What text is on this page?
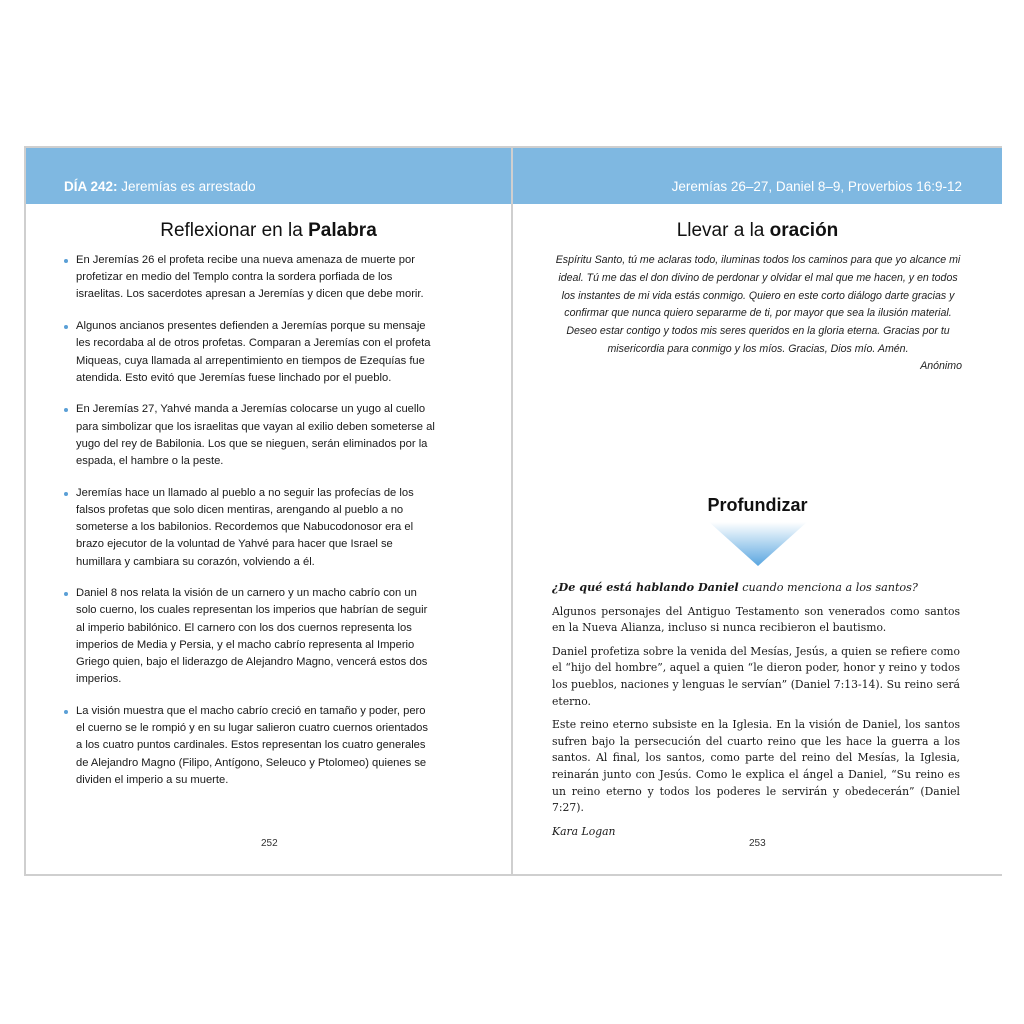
DÍA 242: Jeremías es arrestado
Reflexionar en la Palabra
En Jeremías 26 el profeta recibe una nueva amenaza de muerte por profetizar en medio del Templo contra la sordera porfiada de los israelitas. Los sacerdotes apresan a Jeremías y dicen que debe morir.
Algunos ancianos presentes defienden a Jeremías porque su mensaje les recordaba al de otros profetas. Comparan a Jeremías con el profeta Miqueas, cuya llamada al arrepentimiento en tiempos de Ezequías fue atendida. Esto evitó que Jeremías fuese linchado por el pueblo.
En Jeremías 27, Yahvé manda a Jeremías colocarse un yugo al cuello para simbolizar que los israelitas que vayan al exilio deben someterse al yugo del rey de Babilonia. Los que se nieguen, serán eliminados por la espada, el hambre o la peste.
Jeremías hace un llamado al pueblo a no seguir las profecías de los falsos profetas que solo dicen mentiras, arengando al pueblo a no someterse a los babilonios. Recordemos que Nabucodonosor era el brazo ejecutor de la voluntad de Yahvé para hacer que Israel se humillara y cambiara su corazón, volviendo a él.
Daniel 8 nos relata la visión de un carnero y un macho cabrío con un solo cuerno, los cuales representan los imperios que habrían de seguir al imperio babilónico. El carnero con los dos cuernos representa los imperios de Media y Persia, y el macho cabrío representa al Imperio Griego quien, bajo el liderazgo de Alejandro Magno, vencerá estos dos imperios.
La visión muestra que el macho cabrío creció en tamaño y poder, pero el cuerno se le rompió y en su lugar salieron cuatro cuernos orientados a los cuatro puntos cardinales. Estos representan los cuatro generales de Alejandro Magno (Filipo, Antígono, Seleuco y Ptolomeo) quienes se dividen el imperio a su muerte.
252
Jeremías 26–27, Daniel 8–9, Proverbios 16:9-12
Llevar a la oración
Espíritu Santo, tú me aclaras todo, iluminas todos los caminos para que yo alcance mi ideal. Tú me das el don divino de perdonar y olvidar el mal que me hacen, y en todos los instantes de mi vida estás conmigo. Quiero en este corto diálogo darte gracias y confirmar que nunca quiero separarme de ti, por mayor que sea la ilusión material. Deseo estar contigo y todos mis seres queridos en la gloria eterna. Gracias por tu misericordia para conmigo y los míos. Gracias, Dios mío. Amén.
Anónimo
Profundizar

¿De qué está hablando Daniel cuando menciona a los santos?

Algunos personajes del Antiguo Testamento son venerados como santos en la Nueva Alianza, incluso si nunca recibieron el bautismo.

Daniel profetiza sobre la venida del Mesías, Jesús, a quien se refiere como el “hijo del hombre”, aquel a quien “le dieron poder, honor y reino y todos los pueblos, naciones y lenguas le servían” (Daniel 7:13-14). Su reino será eterno.

Este reino eterno subsiste en la Iglesia. En la visión de Daniel, los santos sufren bajo la persecución del cuarto reino que les hace la guerra a los santos. Al final, los santos, como parte del reino del Mesías, la Iglesia, reinarán junto con Jesús. Como le explica el ángel a Daniel, “Su reino es un reino eterno y todos los poderes le servirán y obedecerán” (Daniel 7:27).

Kara Logan

253
